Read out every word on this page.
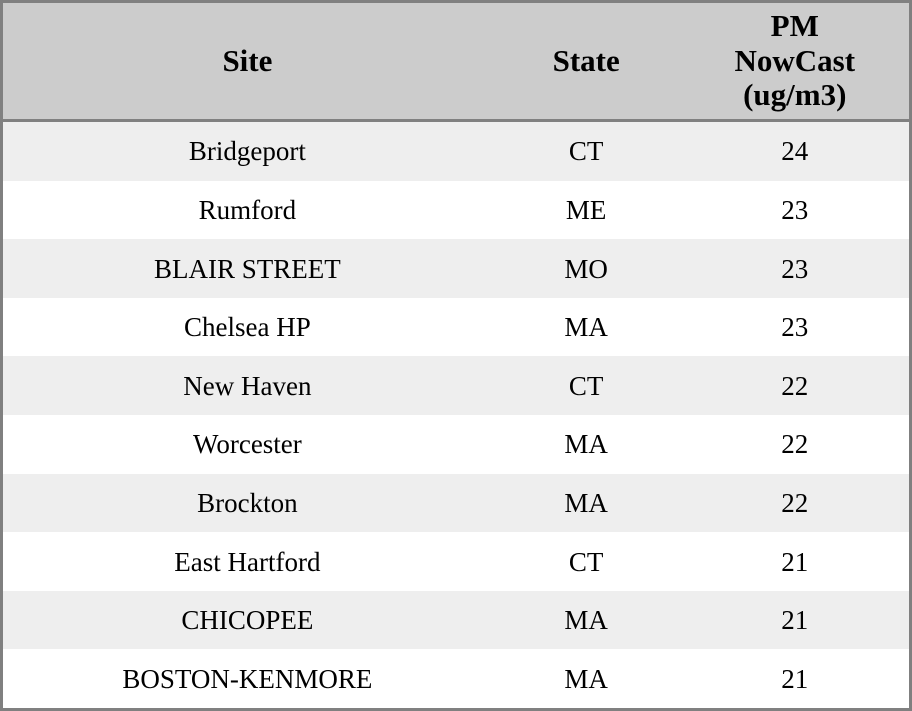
Site	State	PM
NowCast
(ug/m3)

Bridgeport	CT	24
Rumford	ME	23
BLAIR STREET	MO	23
Chelsea HP	MA	23
New Haven	CT	22
Worcester	MA	22
Brockton	MA	22
East Hartford	CT	21
CHICOPEE	MA	21
BOSTON-KENMORE	MA	21
